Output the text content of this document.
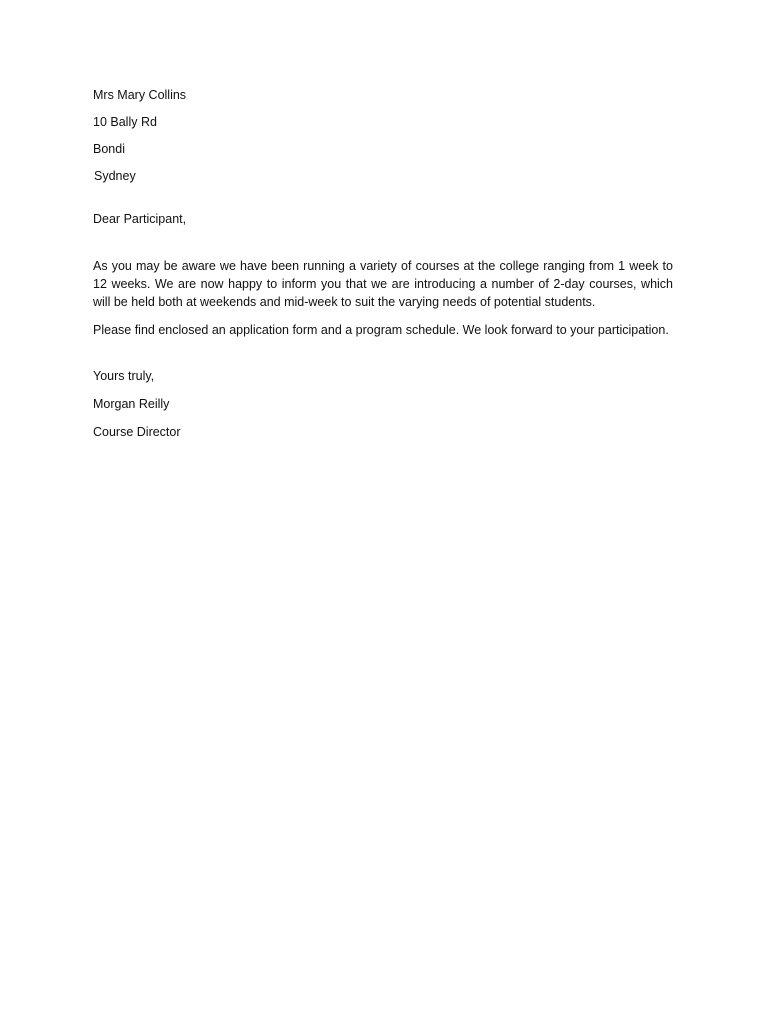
Mrs Mary Collins
10 Bally Rd
Bondi
Sydney
Dear Participant,

As you may be aware we have been running a variety of courses at the college ranging from 1 week to 12 weeks. We are now happy to inform you that we are introducing a number of 2-day courses, which will be held both at weekends and mid-week to suit the varying needs of potential students.

Please find enclosed an application form and a program schedule. We look forward to your participation.

Yours truly,
Morgan Reilly
Course Director
